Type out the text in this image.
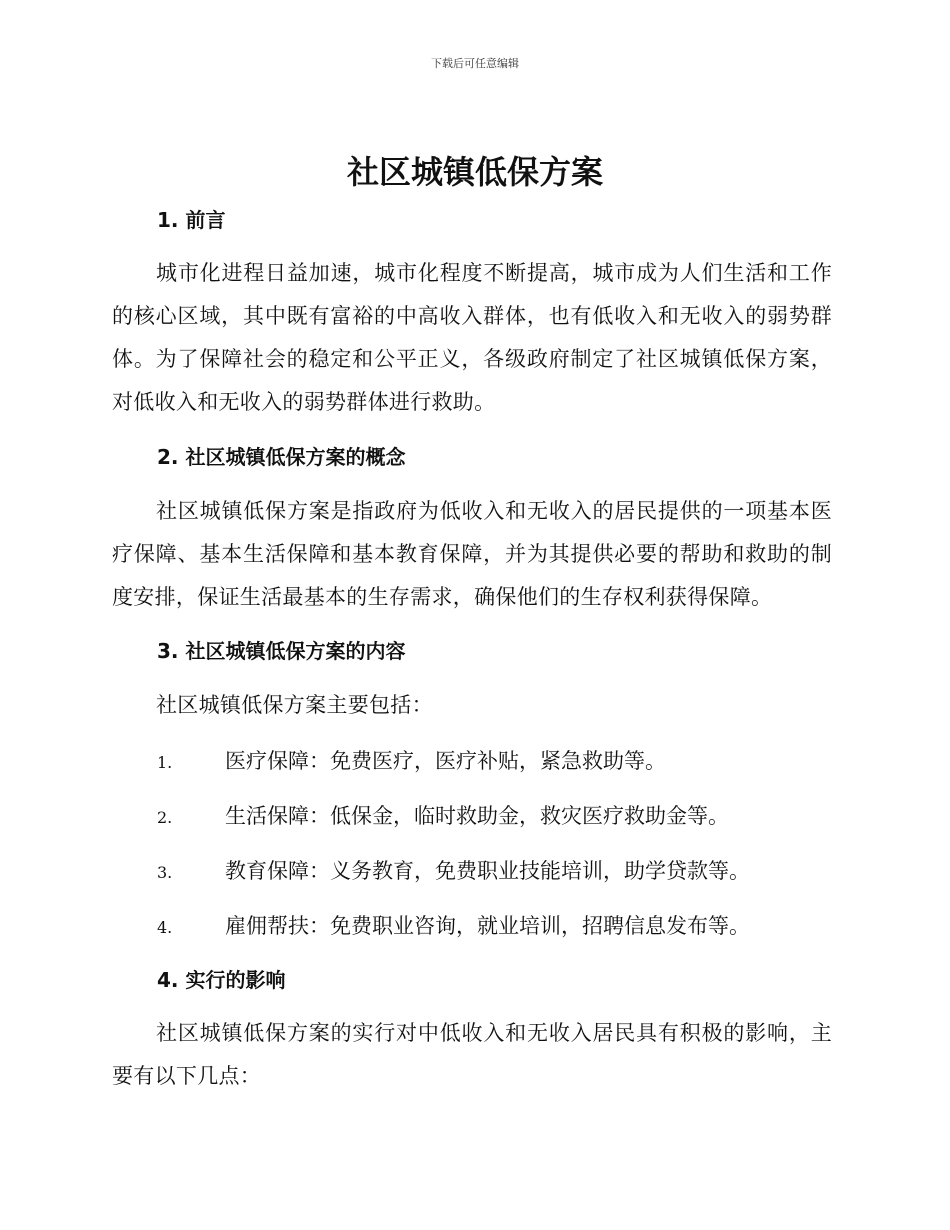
下载后可任意编辑
社区城镇低保方案
1. 前言

城市化进程日益加速，城市化程度不断提高，城市成为人们生活和工作的核心区域，其中既有富裕的中高收入群体，也有低收入和无收入的弱势群体。为了保障社会的稳定和公平正义，各级政府制定了社区城镇低保方案，对低收入和无收入的弱势群体进行救助。

2. 社区城镇低保方案的概念

社区城镇低保方案是指政府为低收入和无收入的居民提供的一项基本医疗保障、基本生活保障和基本教育保障，并为其提供必要的帮助和救助的制度安排，保证生活最基本的生存需求，确保他们的生存权利获得保障。

3. 社区城镇低保方案的内容

社区城镇低保方案主要包括：

1.	医疗保障：免费医疗，医疗补贴，紧急救助等。
2.	生活保障：低保金，临时救助金，救灾医疗救助金等。
3.	教育保障：义务教育，免费职业技能培训，助学贷款等。
4.	雇佣帮扶：免费职业咨询，就业培训，招聘信息发布等。
4. 实行的影响

社区城镇低保方案的实行对中低收入和无收入居民具有积极的影响，主要有以下几点：
